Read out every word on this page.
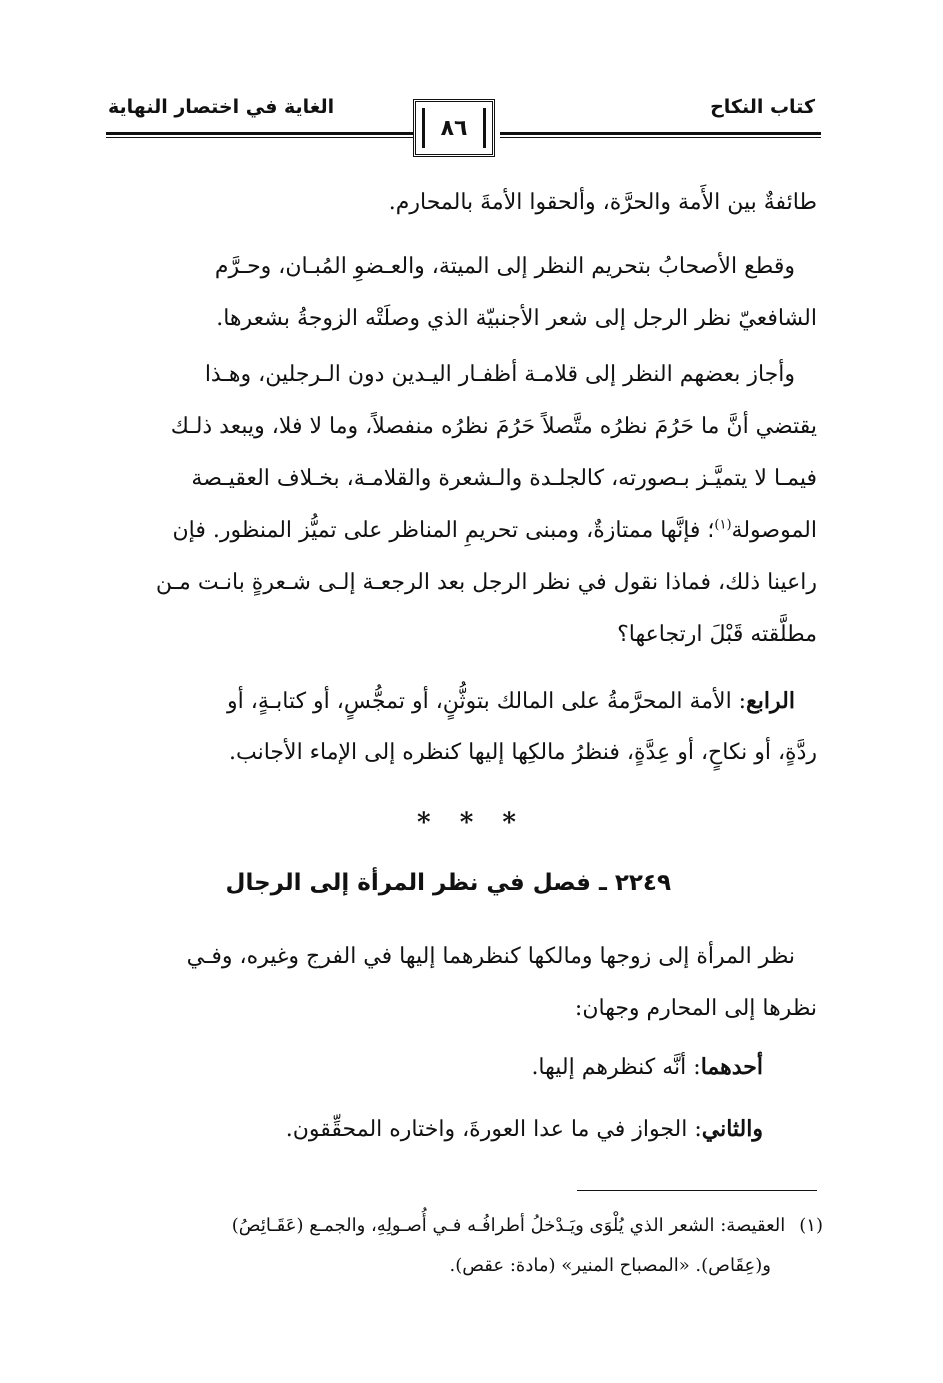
كتاب النكاح
الغاية في اختصار النهاية
٨٦
طائفةٌ بين الأَمة والحرَّة، وألحقوا الأمةَ بالمحارم.
وقطع الأصحابُ بتحريم النظر إلى الميتة، والعـضوِ المُبـان، وحـرَّم
الشافعيّ نظر الرجل إلى شعر الأجنبيّة الذي وصلَتْه الزوجةُ بشعرها.
وأجاز بعضهم النظر إلى قلامـة أظفـار اليـدين دون الـرجلين، وهـذا
يقتضي أنَّ ما حَرُمَ نظرُه متَّصلاً حَرُمَ نظرُه منفصلاً، وما لا فلا، ويبعد ذلـك
فيمـا لا يتميَّـز بـصورته، كالجلـدة والـشعرة والقلامـة، بخـلاف العقيـصة
الموصولة$^{(١)}$؛ فإنَّها ممتازةٌ، ومبنى تحريمِ المناظر على تميُّز المنظور. فإن
راعينا ذلك، فماذا نقول في نظر الرجل بعد الرجعـة إلـى شـعرةٍ بانـت مـن
مطلَّقته قَبْلَ ارتجاعها؟
الرابع: الأمة المحرَّمةُ على المالك بتوثُّنٍ، أو تمجُّسٍ، أو كتابـةٍ، أو
ردَّةٍ، أو نكاحٍ، أو عِدَّةٍ، فنظرُ مالكِها إليها كنظره إلى الإماء الأجانب.
* * *
٢٢٤٩ ـ فصل في نظر المرأة إلى الرجال
نظر المرأة إلى زوجها ومالكها كنظرهما إليها في الفرج وغيره، وفـي
نظرها إلى المحارم وجهان:
أحدهما: أنَّه كنظرهم إليها.
والثاني: الجواز في ما عدا العورةَ، واختاره المحقِّقون.
(١)العقيصة: الشعر الذي يُلْوَى ويَـدْخلُ أطرافُـه فـي أُصـولِهِ، والجمـع (عَقَـائِصُ)
و(عِقَاص). «المصباح المنير» (مادة: عقص).
